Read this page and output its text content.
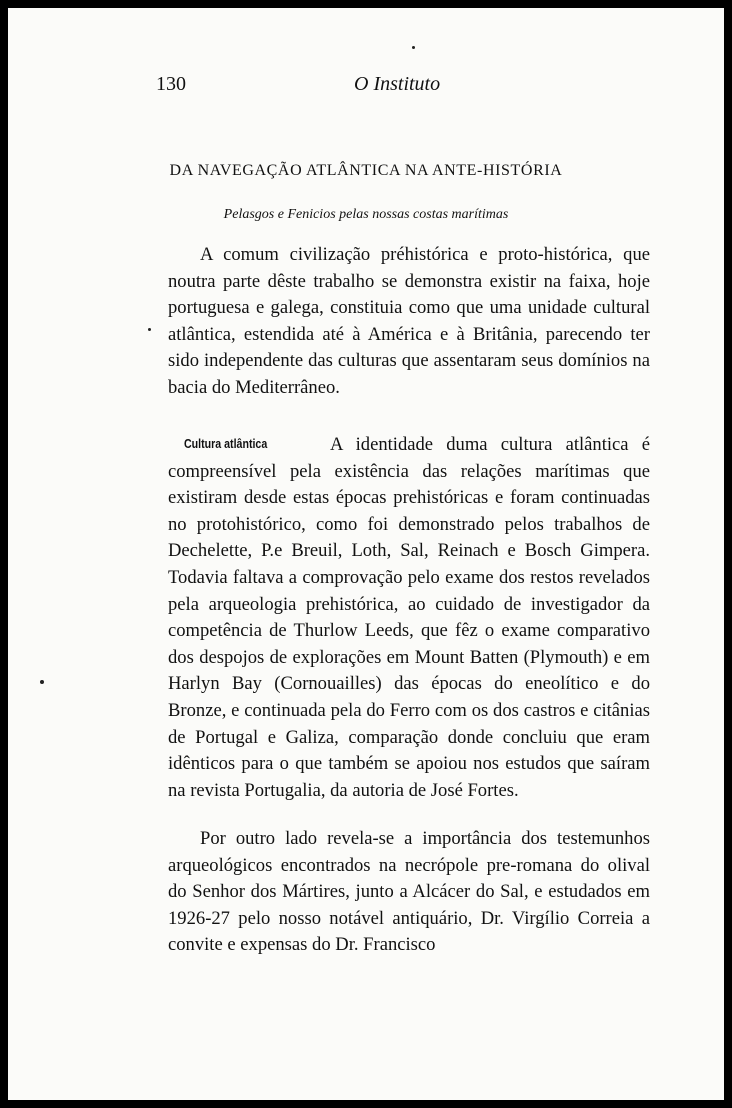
130	O Instituto
DA NAVEGAÇÃO ATLÂNTICA NA ANTE-HISTÓRIA
Pelasgos e Fenicios pelas nossas costas marítimas

A comum civilização préhistórica e proto-histórica, que noutra parte dêste trabalho se demonstra existir na faixa, hoje portuguesa e galega, constituia como que uma unidade cultural atlântica, estendida até à América e à Britânia, parecendo ter sido independente das culturas que assentaram seus domínios na bacia do Mediterrâneo.

Cultura atlântica	A identidade duma cultura atlântica é compreensível pela existência das relações marítimas que existiram desde estas épocas prehistóricas e foram continuadas no protohistórico, como foi demonstrado pelos trabalhos de Dechelette, P.e Breuil, Loth, Sal, Reinach e Bosch Gimpera. Todavia faltava a comprovação pelo exame dos restos revelados pela arqueologia prehistórica, ao cuidado de investigador da competência de Thurlow Leeds, que fêz o exame comparativo dos despojos de explorações em Mount Batten (Plymouth) e em Harlyn Bay (Cornouailles) das épocas do eneolítico e do Bronze, e continuada pela do Ferro com os dos castros e citânias de Portugal e Galiza, comparação donde concluiu que eram idênticos para o que também se apoiou nos estudos que saíram na revista Portugalia, da autoria de José Fortes.

Por outro lado revela-se a importância dos testemunhos arqueológicos encontrados na necrópole pre-romana do olival do Senhor dos Mártires, junto a Alcácer do Sal, e estudados em 1926-27 pelo nosso notável antiquário, Dr. Virgílio Correia a convite e expensas do Dr. Francisco
